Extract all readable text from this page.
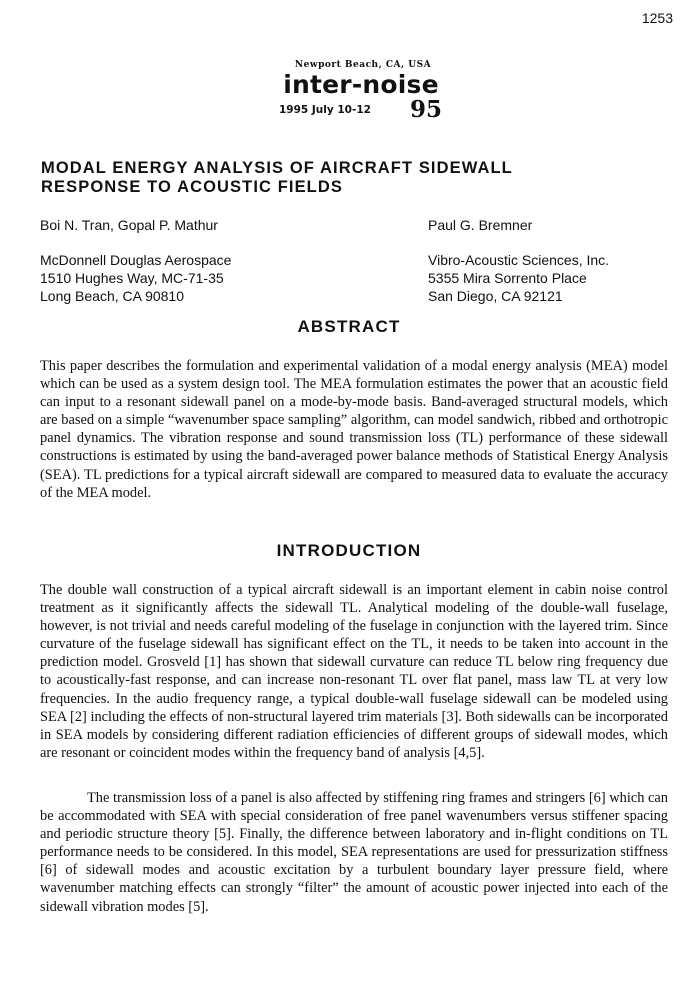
1253
Newport Beach, CA, USA
inter-noise
1995 July 10-12 95
MODAL ENERGY ANALYSIS OF AIRCRAFT SIDEWALL
RESPONSE TO ACOUSTIC FIELDS
Boi N. Tran, Gopal P. Mathur
McDonnell Douglas Aerospace
1510 Hughes Way, MC-71-35
Long Beach, CA 90810
Paul G. Bremner
Vibro-Acoustic Sciences, Inc.
5355 Mira Sorrento Place
San Diego, CA 92121
ABSTRACT

This paper describes the formulation and experimental validation of a modal energy analysis (MEA) model which can be used as a system design tool. The MEA formulation estimates the power that an acoustic field can input to a resonant sidewall panel on a mode-by-mode basis. Band-averaged structural models, which are based on a simple “wavenumber space sampling” algorithm, can model sandwich, ribbed and orthotropic panel dynamics. The vibration response and sound transmission loss (TL) performance of these sidewall constructions is estimated by using the band-averaged power balance methods of Statistical Energy Analysis (SEA). TL predictions for a typical aircraft sidewall are compared to measured data to evaluate the accuracy of the MEA model.

INTRODUCTION

The double wall construction of a typical aircraft sidewall is an important element in cabin noise control treatment as it significantly affects the sidewall TL. Analytical modeling of the double-wall fuselage, however, is not trivial and needs careful modeling of the fuselage in conjunction with the layered trim. Since curvature of the fuselage sidewall has significant effect on the TL, it needs to be taken into account in the prediction model. Grosveld [1] has shown that sidewall curvature can reduce TL below ring frequency due to acoustically-fast response, and can increase non-resonant TL over flat panel, mass law TL at very low frequencies. In the audio frequency range, a typical double-wall fuselage sidewall can be modeled using SEA [2] including the effects of non-structural layered trim materials [3]. Both sidewalls can be incorporated in SEA models by considering different radiation efficiencies of different groups of sidewall modes, which are resonant or coincident modes within the frequency band of analysis [4,5].

The transmission loss of a panel is also affected by stiffening ring frames and stringers [6] which can be accommodated with SEA with special consideration of free panel wavenumbers versus stiffener spacing and periodic structure theory [5]. Finally, the difference between laboratory and in-flight conditions on TL performance needs to be considered. In this model, SEA representations are used for pressurization stiffness [6] of sidewall modes and acoustic excitation by a turbulent boundary layer pressure field, where wavenumber matching effects can strongly “filter” the amount of acoustic power injected into each of the sidewall vibration modes [5].
